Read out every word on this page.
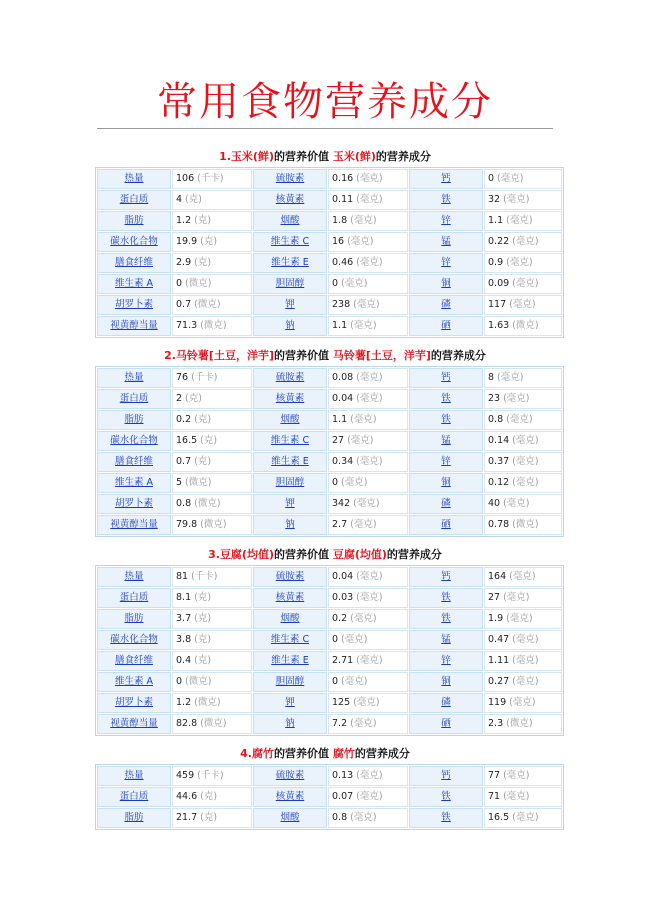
常用食物营养成分
1.玉米(鲜)的营养价值 玉米(鲜)的营养成分
热量	106 (千卡)	硫胺素	0.16 (毫克)	钙	0 (毫克)
蛋白质	4 (克)	核黄素	0.11 (毫克)	铁	32 (毫克)
脂肪	1.2 (克)	烟酸	1.8 (毫克)	锌	1.1 (毫克)
碳水化合物	19.9 (克)	维生素 C	16 (毫克)	锰	0.22 (毫克)
膳食纤维	2.9 (克)	维生素 E	0.46 (毫克)	锌	0.9 (毫克)
维生素 A	0 (微克)	胆固醇	0 (毫克)	铜	0.09 (毫克)
胡罗卜素	0.7 (微克)	钾	238 (毫克)	磷	117 (毫克)
视黄醇当量	71.3 (微克)	钠	1.1 (毫克)	硒	1.63 (微克)
2.马铃薯[土豆，洋芋]的营养价值 马铃薯[土豆，洋芋]的营养成分
热量	76 (千卡)	硫胺素	0.08 (毫克)	钙	8 (毫克)
蛋白质	2 (克)	核黄素	0.04 (毫克)	铁	23 (毫克)
脂肪	0.2 (克)	烟酸	1.1 (毫克)	铁	0.8 (毫克)
碳水化合物	16.5 (克)	维生素 C	27 (毫克)	锰	0.14 (毫克)
膳食纤维	0.7 (克)	维生素 E	0.34 (毫克)	锌	0.37 (毫克)
维生素 A	5 (微克)	胆固醇	0 (毫克)	铜	0.12 (毫克)
胡罗卜素	0.8 (微克)	钾	342 (毫克)	磷	40 (毫克)
视黄醇当量	79.8 (微克)	钠	2.7 (毫克)	硒	0.78 (微克)
3.豆腐(均值)的营养价值 豆腐(均值)的营养成分
热量	81 (千卡)	硫胺素	0.04 (毫克)	钙	164 (毫克)
蛋白质	8.1 (克)	核黄素	0.03 (毫克)	铁	27 (毫克)
脂肪	3.7 (克)	烟酸	0.2 (毫克)	铁	1.9 (毫克)
碳水化合物	3.8 (克)	维生素 C	0 (毫克)	锰	0.47 (毫克)
膳食纤维	0.4 (克)	维生素 E	2.71 (毫克)	锌	1.11 (毫克)
维生素 A	0 (微克)	胆固醇	0 (毫克)	铜	0.27 (毫克)
胡罗卜素	1.2 (微克)	钾	125 (毫克)	磷	119 (毫克)
视黄醇当量	82.8 (微克)	钠	7.2 (毫克)	硒	2.3 (微克)
4.腐竹的营养价值 腐竹的营养成分
热量	459 (千卡)	硫胺素	0.13 (毫克)	钙	77 (毫克)
蛋白质	44.6 (克)	核黄素	0.07 (毫克)	铁	71 (毫克)
脂肪	21.7 (克)	烟酸	0.8 (毫克)	铁	16.5 (毫克)
